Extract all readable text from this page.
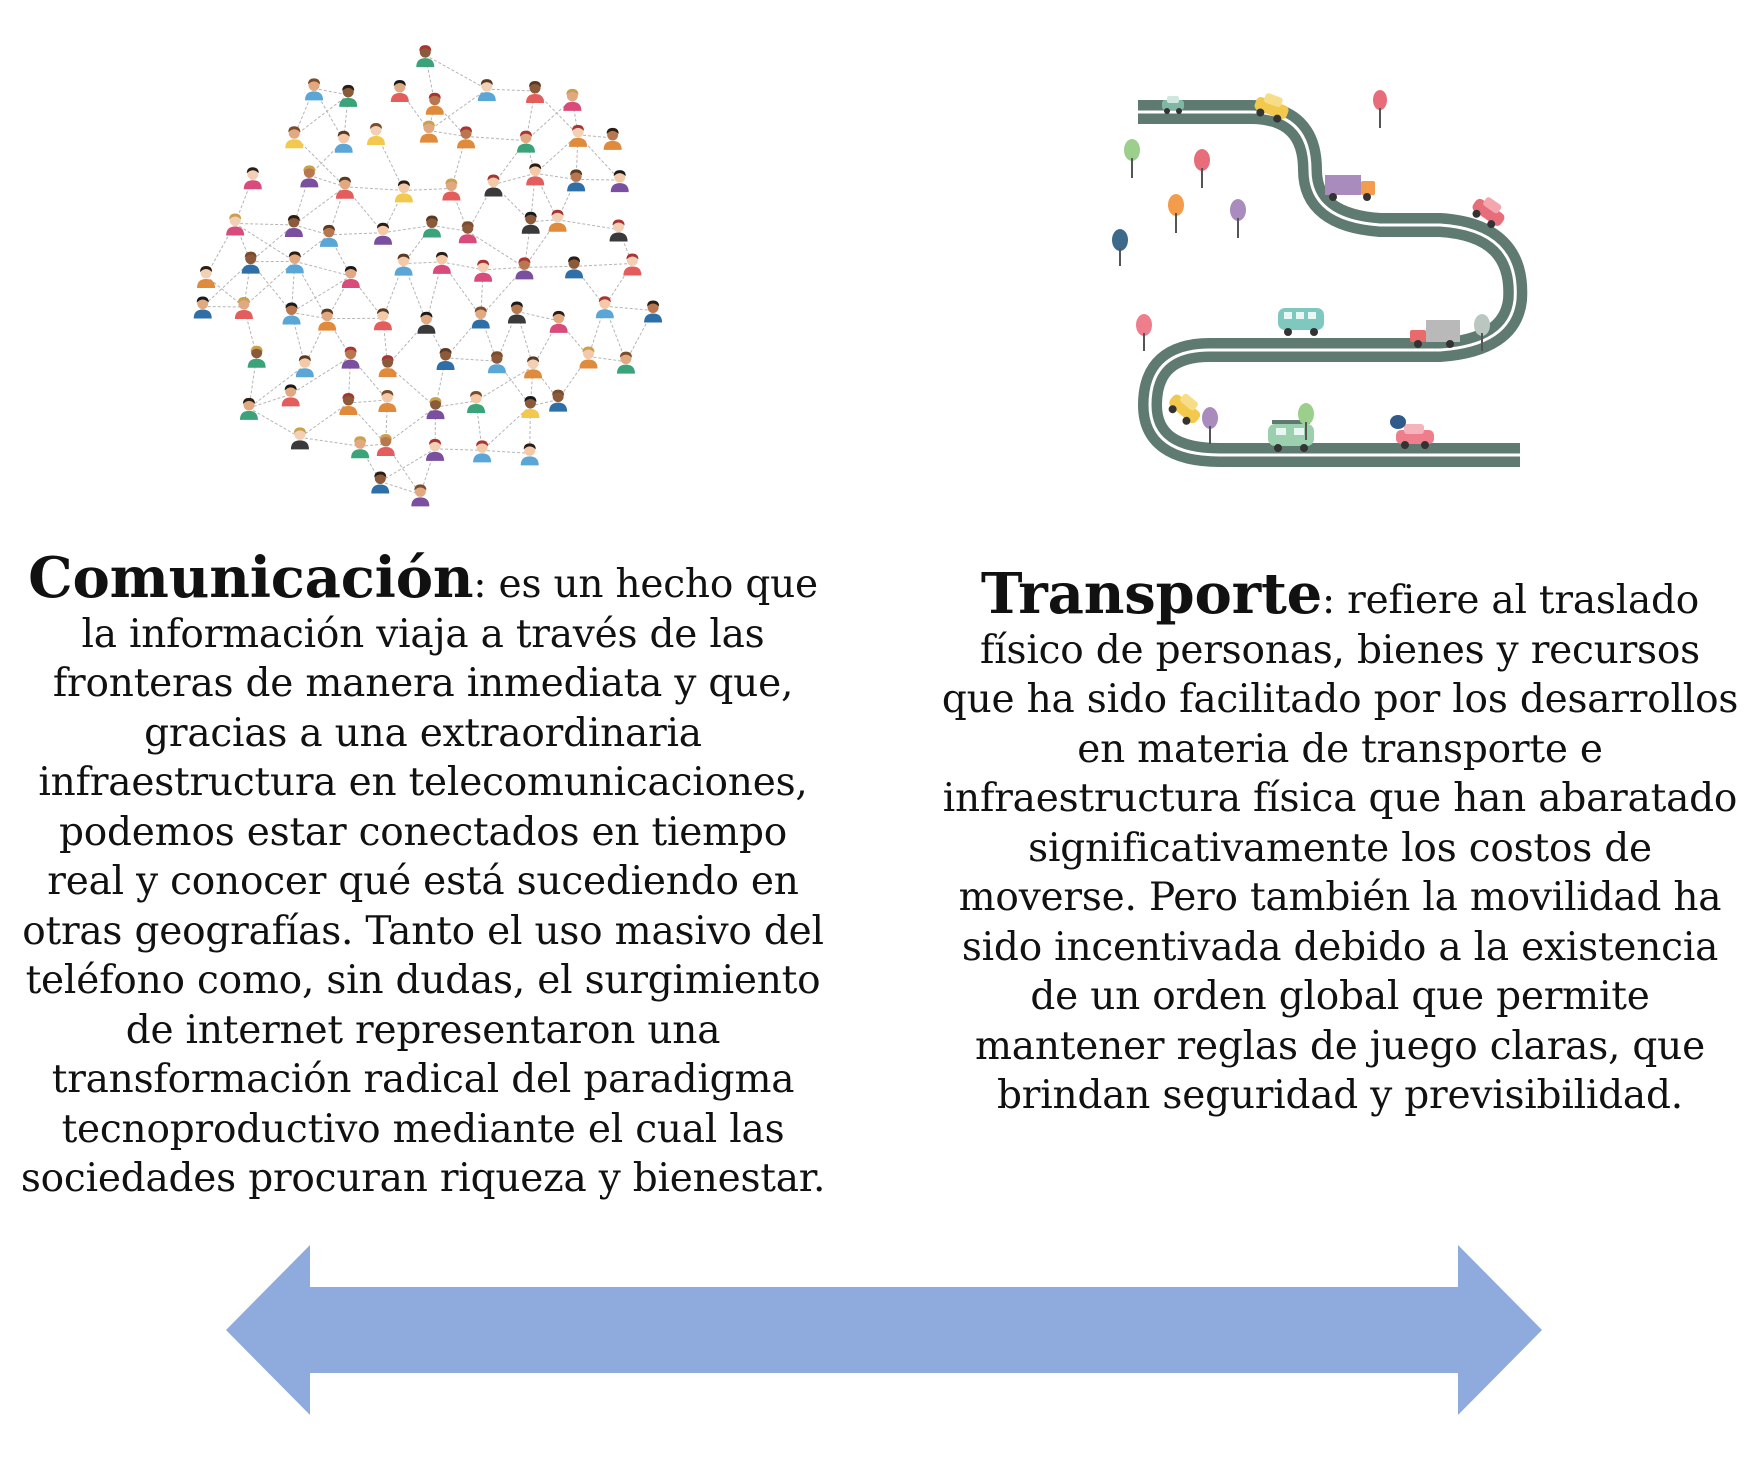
Comunicación: es un hecho que la información viaja a través de las fronteras de manera inmediata y que, gracias a una extraordinaria infraestructura en telecomunicaciones, podemos estar conectados en tiempo real y conocer qué está sucediendo en otras geografías. Tanto el uso masivo del teléfono como, sin dudas, el surgimiento de internet representaron una transformación radical del paradigma tecnoproductivo mediante el cual las sociedades procuran riqueza y bienestar.
Transporte: refiere al traslado físico de personas, bienes y recursos que ha sido facilitado por los desarrollos en materia de transporte e infraestructura física que han abaratado significativamente los costos de moverse. Pero también la movilidad ha sido incentivada debido a la existencia de un orden global que permite mantener reglas de juego claras, que brindan seguridad y previsibilidad.
